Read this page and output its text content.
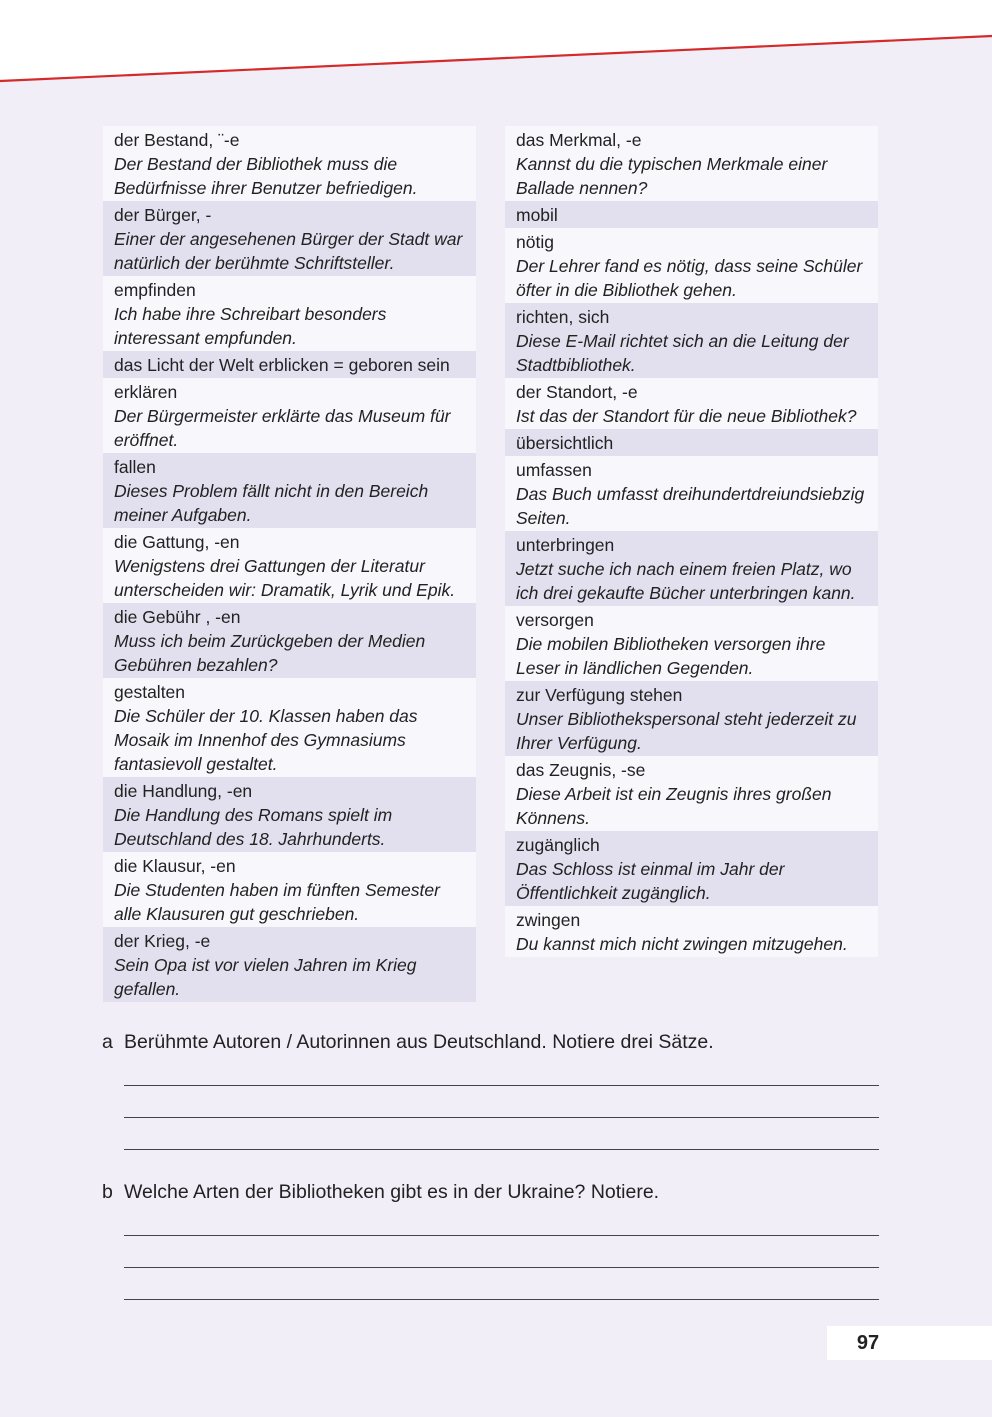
der Bestand, ¨-e
Der Bestand der Bibliothek muss die Bedürfnisse ihrer Benutzer befriedigen.
der Bürger, -
Einer der angesehenen Bürger der Stadt war natürlich der berühmte Schriftsteller.
empfinden
Ich habe ihre Schreibart besonders interessant empfunden.
das Licht der Welt erblicken = geboren sein
erklären
Der Bürgermeister erklärte das Museum für eröffnet.
fallen
Dieses Problem fällt nicht in den Bereich meiner Aufgaben.
die Gattung, -en
Wenigstens drei Gattungen der Literatur unterscheiden wir: Dramatik, Lyrik und Epik.
die Gebühr , -en
Muss ich beim Zurückgeben der Medien Gebühren bezahlen?
gestalten
Die Schüler der 10. Klassen haben das Mosaik im Innenhof des Gymnasiums fantasievoll gestaltet.
die Handlung, -en
Die Handlung des Romans spielt im Deutschland des 18. Jahrhunderts.
die Klausur, -en
Die Studenten haben im fünften Semester alle Klausuren gut geschrieben.
der Krieg, -e
Sein Opa ist vor vielen Jahren im Krieg gefallen.
das Merkmal, -e
Kannst du die typischen Merkmale einer Ballade nennen?
mobil
nötig
Der Lehrer fand es nötig, dass seine Schüler öfter in die Bibliothek gehen.
richten, sich
Diese E-Mail richtet sich an die Leitung der Stadtbibliothek.
der Standort, -e
Ist das der Standort für die neue Bibliothek?
übersichtlich
umfassen
Das Buch umfasst dreihundertdreiundsiebzig Seiten.
unterbringen
Jetzt suche ich nach einem freien Platz, wo ich drei gekaufte Bücher unterbringen kann.
versorgen
Die mobilen Bibliotheken versorgen ihre Leser in ländlichen Gegenden.
zur Verfügung stehen
Unser Bibliothekspersonal steht jederzeit zu Ihrer Verfügung.
das Zeugnis, -se
Diese Arbeit ist ein Zeugnis ihres großen Könnens.
zugänglich
Das Schloss ist einmal im Jahr der Öffentlichkeit zugänglich.
zwingen
Du kannst mich nicht zwingen mitzugehen.
a Berühmte Autoren / Autorinnen aus Deutschland. Notiere drei Sätze.
b Welche Arten der Bibliotheken gibt es in der Ukraine? Notiere.
97
